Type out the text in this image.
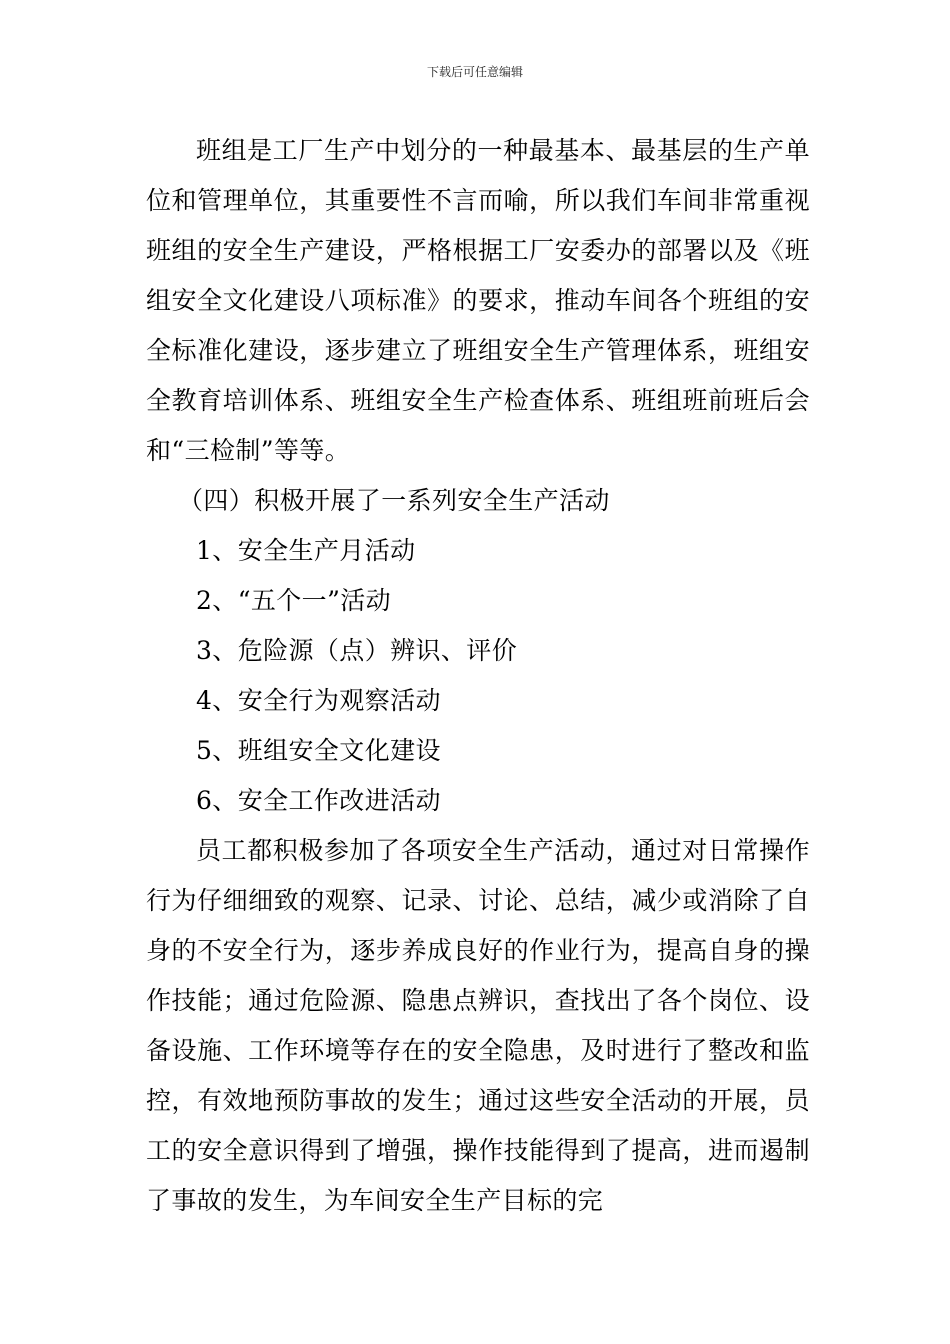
下载后可任意编辑

班组是工厂生产中划分的一种最基本、最基层的生产单位和管理单位，其重要性不言而喻，所以我们车间非常重视班组的安全生产建设，严格根据工厂安委办的部署以及《班组安全文化建设八项标准》的要求，推动车间各个班组的安全标准化建设，逐步建立了班组安全生产管理体系，班组安全教育培训体系、班组安全生产检查体系、班组班前班后会和“三检制”等等。

（四）积极开展了一系列安全生产活动

1、安全生产月活动

2、“五个一”活动

3、危险源（点）辨识、评价

4、安全行为观察活动

5、班组安全文化建设

6、安全工作改进活动

员工都积极参加了各项安全生产活动，通过对日常操作行为仔细细致的观察、记录、讨论、总结，减少或消除了自身的不安全行为，逐步养成良好的作业行为，提高自身的操作技能；通过危险源、隐患点辨识，查找出了各个岗位、设备设施、工作环境等存在的安全隐患，及时进行了整改和监控，有效地预防事故的发生；通过这些安全活动的开展，员工的安全意识得到了增强，操作技能得到了提高，进而遏制了事故的发生，为车间安全生产目标的完
